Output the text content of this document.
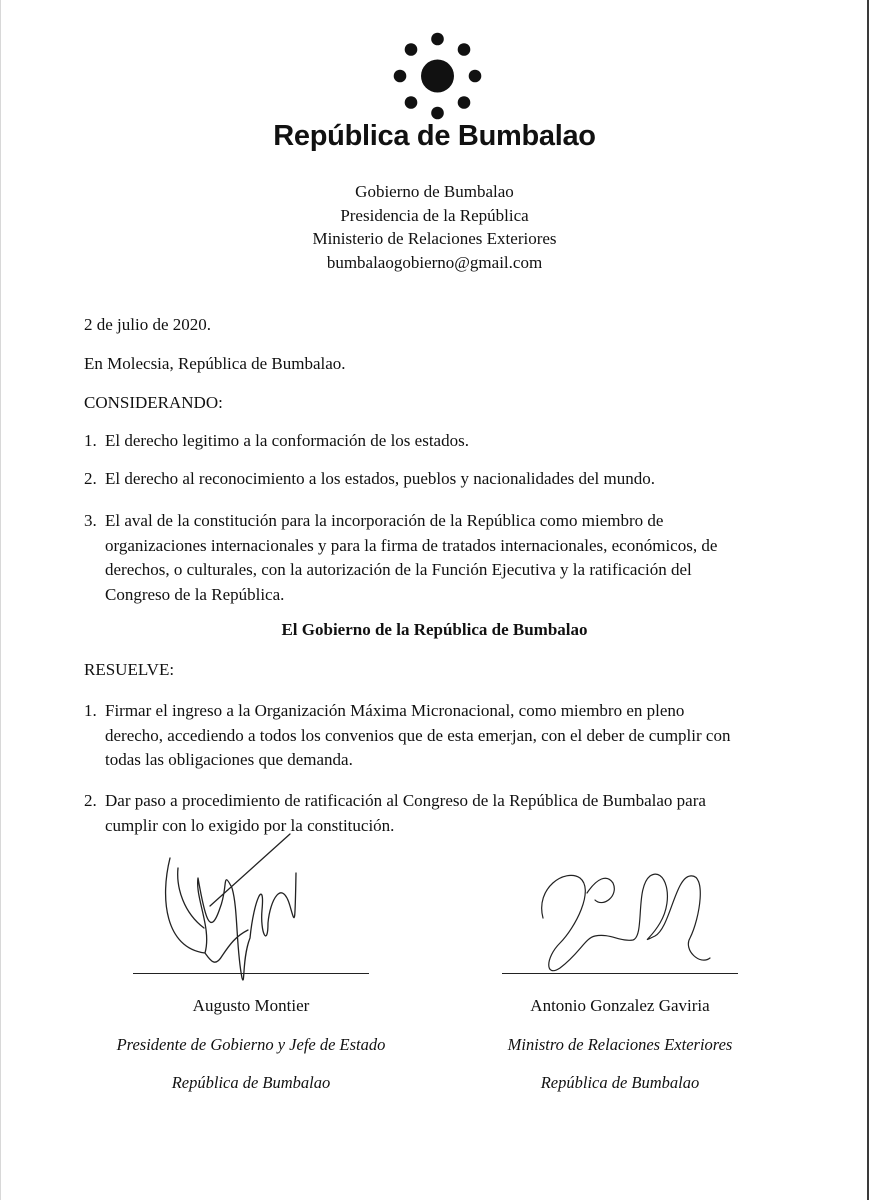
República de Bumbalao
Gobierno de Bumbalao
Presidencia de la República
Ministerio de Relaciones Exteriores
bumbalaogobierno@gmail.com
2 de julio de 2020.
En Molecsia, República de Bumbalao.
CONSIDERANDO:
1. El derecho legitimo a la conformación de los estados.
2. El derecho al reconocimiento a los estados, pueblos y nacionalidades del mundo.
3. El aval de la constitución para la incorporación de la República como miembro de organizaciones internacionales y para la firma de tratados internacionales, económicos, de derechos, o culturales, con la autorización de la Función Ejecutiva y la ratificación del Congreso de la República.
El Gobierno de la República de Bumbalao
RESUELVE:
1. Firmar el ingreso a la Organización Máxima Micronacional, como miembro en pleno derecho, accediendo a todos los convenios que de esta emerjan, con el deber de cumplir con todas las obligaciones que demanda.
2. Dar paso a procedimiento de ratificación al Congreso de la República de Bumbalao para cumplir con lo exigido por la constitución.
Augusto Montier
Presidente de Gobierno y Jefe de Estado
República de Bumbalao
Antonio Gonzalez Gaviria
Ministro de Relaciones Exteriores
República de Bumbalao
